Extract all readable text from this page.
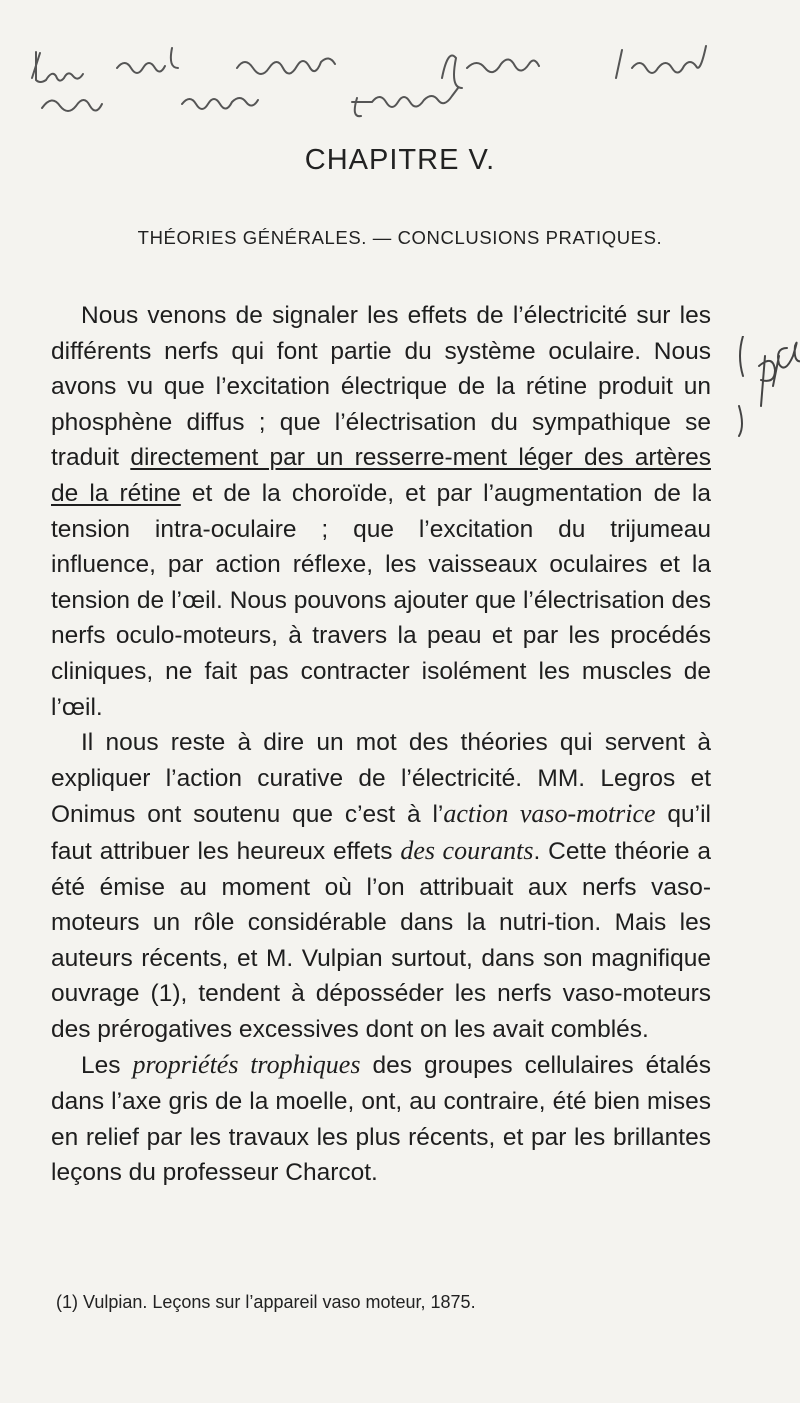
CHAPITRE V.
THÉORIES GÉNÉRALES. — CONCLUSIONS PRATIQUES.

Nous venons de signaler les effets de l’électricité sur les différents nerfs qui font partie du système oculaire. Nous avons vu que l’excitation électrique de la rétine produit un phosphène diffus ; que l’électrisation du sympathique se traduit directement par un resserre-ment léger des artères de la rétine et de la choroïde, et par l’augmentation de la tension intra-oculaire ; que l’excitation du trijumeau influence, par action réflexe, les vaisseaux oculaires et la tension de l’œil. Nous pouvons ajouter que l’électrisation des nerfs oculo-moteurs, à travers la peau et par les procédés cliniques, ne fait pas contracter isolément les muscles de l’œil.

Il nous reste à dire un mot des théories qui servent à expliquer l’action curative de l’électricité. MM. Legros et Onimus ont soutenu que c’est à l’action vaso-motrice qu’il faut attribuer les heureux effets des courants. Cette théorie a été émise au moment où l’on attribuait aux nerfs vaso-moteurs un rôle considérable dans la nutri-tion. Mais les auteurs récents, et M. Vulpian surtout, dans son magnifique ouvrage (1), tendent à déposséder les nerfs vaso-moteurs des prérogatives excessives dont on les avait comblés.

Les propriétés trophiques des groupes cellulaires étalés dans l’axe gris de la moelle, ont, au contraire, été bien mises en relief par les travaux les plus récents, et par les brillantes leçons du professeur Charcot.

(1) Vulpian. Leçons sur l’appareil vaso moteur, 1875.
